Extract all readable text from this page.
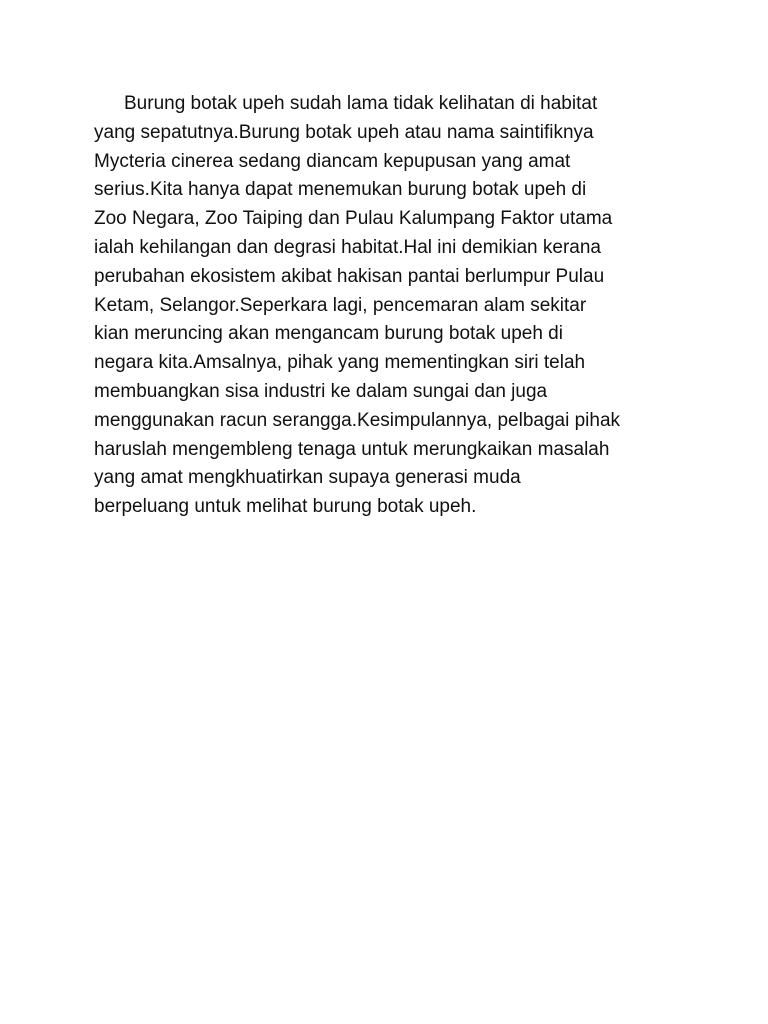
Burung botak upeh sudah lama tidak kelihatan di habitat
yang sepatutnya.Burung botak upeh atau nama saintifiknya
Mycteria cinerea sedang diancam kepupusan yang amat
serius.Kita hanya dapat menemukan burung botak upeh di
Zoo Negara, Zoo Taiping dan Pulau Kalumpang Faktor utama
ialah kehilangan dan degrasi habitat.Hal ini demikian kerana
perubahan ekosistem akibat hakisan pantai berlumpur Pulau
Ketam, Selangor.Seperkara lagi, pencemaran alam sekitar
kian meruncing akan mengancam burung botak upeh di
negara kita.Amsalnya, pihak yang mementingkan siri telah
membuangkan sisa industri ke dalam sungai dan juga
menggunakan racun serangga.Kesimpulannya, pelbagai pihak
haruslah mengembleng tenaga untuk merungkaikan masalah
yang amat mengkhuatirkan supaya generasi muda
berpeluang untuk melihat burung botak upeh.
